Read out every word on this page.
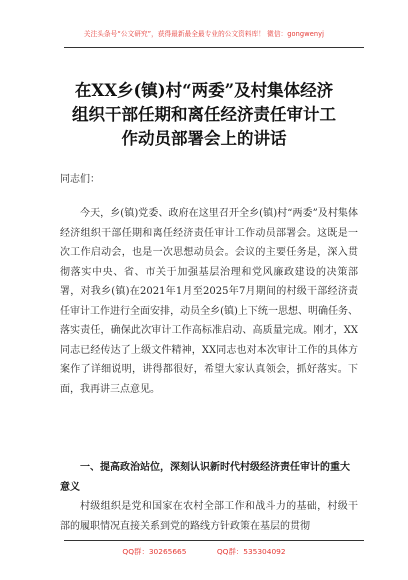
关注头条号“公文研究”，获得最新最全最专业的公文资料库！ 微信：gongwenyj
在XX乡(镇)村“两委”及村集体经济
组织干部任期和离任经济责任审计工
作动员部署会上的讲话
同志们：
今天，乡(镇)党委、政府在这里召开全乡(镇)村“两委”及村集体经济组织干部任期和离任经济责任审计工作动员部署会。这既是一次工作启动会，也是一次思想动员会。会议的主要任务是，深入贯彻落实中央、省、市关于加强基层治理和党风廉政建设的决策部署，对我乡(镇)在2021年1月至2025年7月期间的村级干部经济责任审计工作进行全面安排，动员全乡(镇)上下统一思想、明确任务、落实责任，确保此次审计工作高标准启动、高质量完成。刚才，XX同志已经传达了上级文件精神，XX同志也对本次审计工作的具体方案作了详细说明，讲得都很好，希望大家认真领会，抓好落实。下面，我再讲三点意见。
一、提高政治站位，深刻认识新时代村级经济责任审计的重大意义
村级组织是党和国家在农村全部工作和战斗力的基础，村级干部的履职情况直接关系到党的路线方针政策在基层的贯彻
QQ群：30265665	QQ群：535304092
